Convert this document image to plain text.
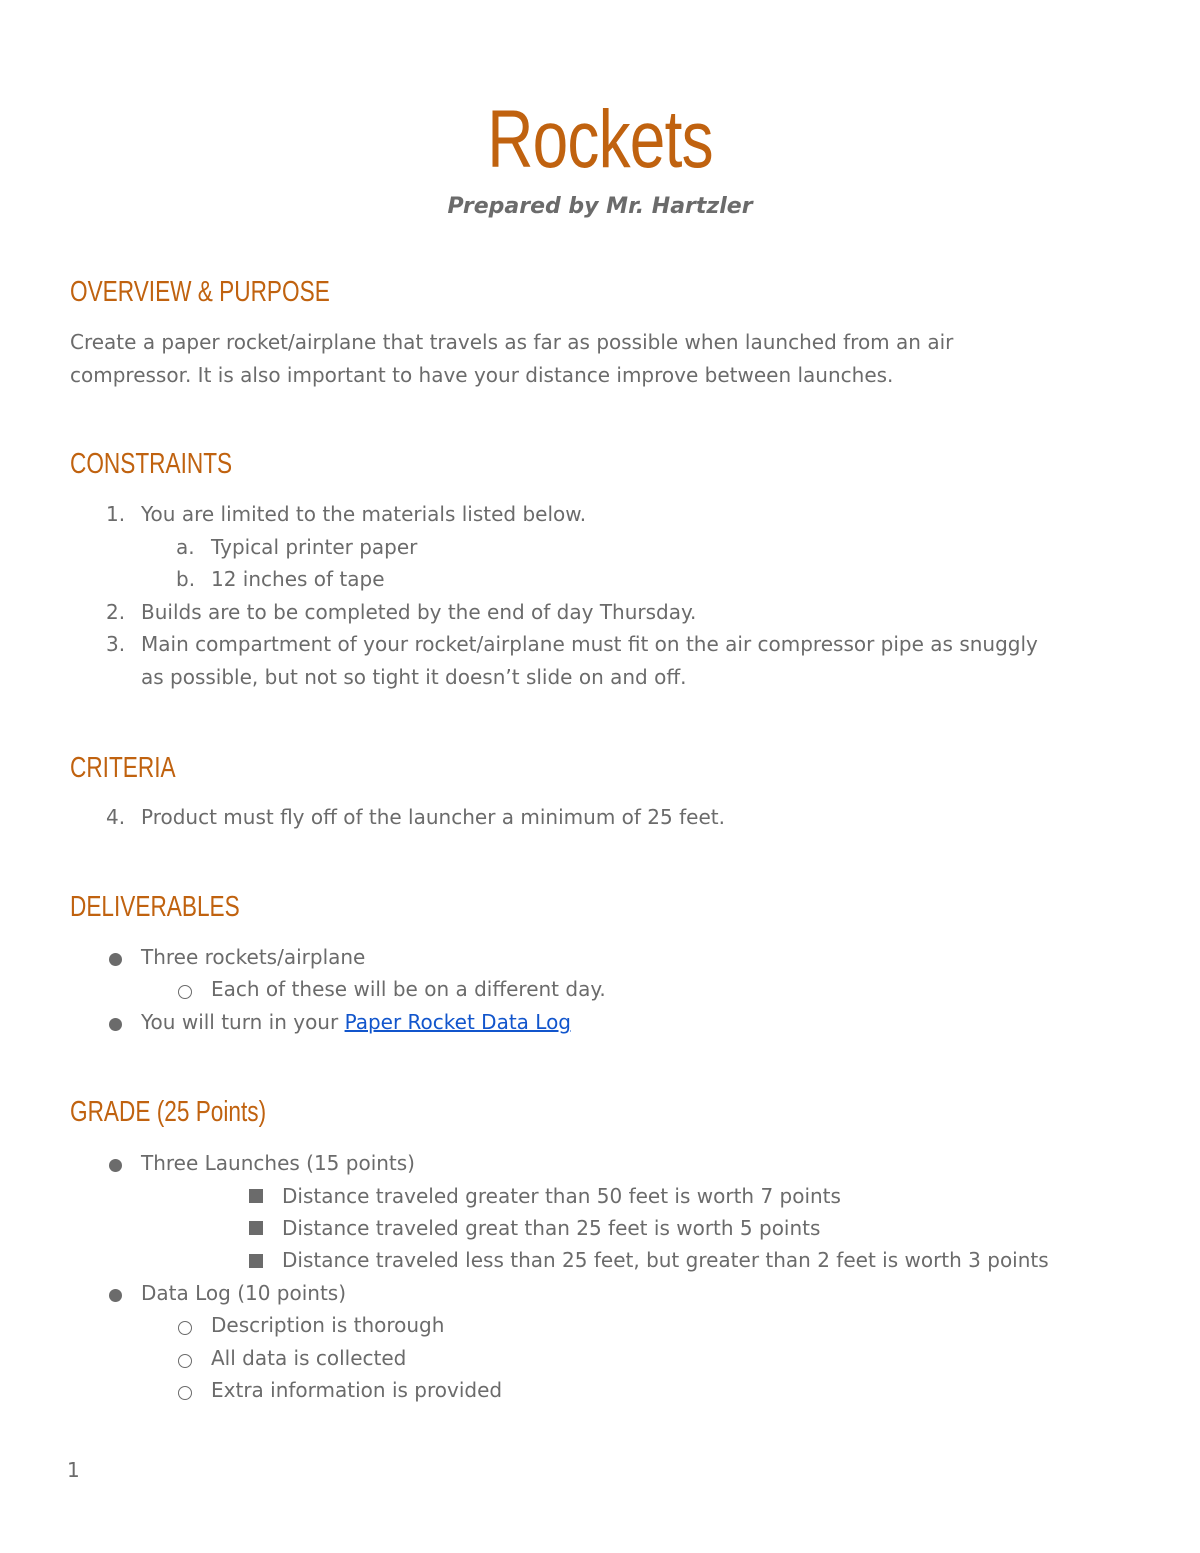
Rockets
Prepared by Mr. Hartzler
OVERVIEW & PURPOSE
Create a paper rocket/airplane that travels as far as possible when launched from an air
compressor. It is also important to have your distance improve between launches.
CONSTRAINTS
1. You are limited to the materials listed below.
a. Typical printer paper
b. 12 inches of tape
2. Builds are to be completed by the end of day Thursday.
3. Main compartment of your rocket/airplane must fit on the air compressor pipe as snuggly
as possible, but not so tight it doesn’t slide on and off.
CRITERIA
4. Product must fly off of the launcher a minimum of 25 feet.
DELIVERABLES
Three rockets/airplane
Each of these will be on a different day.
You will turn in your Paper Rocket Data Log
GRADE (25 Points)
Three Launches (15 points)
Distance traveled greater than 50 feet is worth 7 points
Distance traveled great than 25 feet is worth 5 points
Distance traveled less than 25 feet, but greater than 2 feet is worth 3 points
Data Log (10 points)
Description is thorough
All data is collected
Extra information is provided
1
